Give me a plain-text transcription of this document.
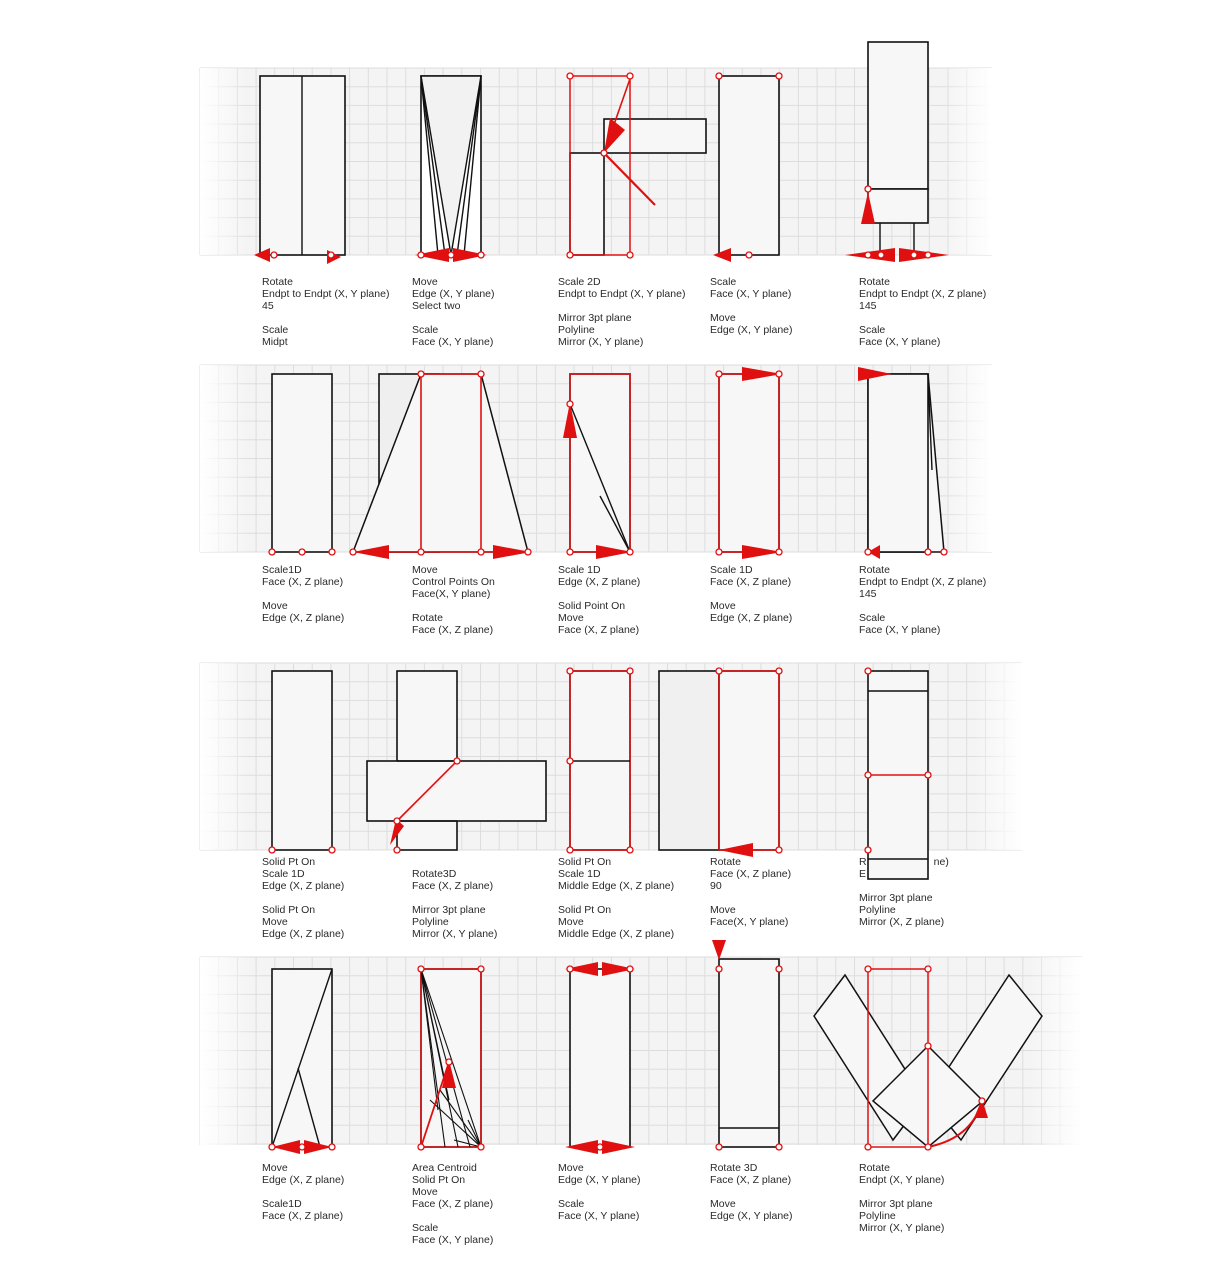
Rotate
Endpt to Endpt (X, Y plane)
45

Scale
Midpt
Move
Edge (X, Y plane)
Select two

Scale
Face (X, Y plane)
Scale 2D
Endpt to Endpt (X, Y plane)

Mirror 3pt plane
Polyline
Mirror (X, Y plane)
Scale
Face (X, Y plane)

Move
Edge (X, Y plane)
Rotate
Endpt to Endpt (X, Z plane)
145

Scale
Face (X, Y plane)
Scale1D
Face (X, Z plane)

Move
Edge (X, Z plane)
Move
Control Points On
Face(X, Y plane)

Rotate
Face (X, Z plane)
Scale 1D
Edge (X, Z plane)

Solid Point On
Move
Face (X, Z plane)
Scale 1D
Face (X, Z plane)

Move
Edge (X, Z plane)
Rotate
Endpt to Endpt (X, Z plane)
145

Scale
Face (X, Y plane)
Solid Pt On
Scale 1D
Edge (X, Z plane)

Solid Pt On
Move
Edge (X, Z plane)
Rotate3D
Face (X, Z plane)

Mirror 3pt plane
Polyline
Mirror (X, Y plane)
Solid Pt On
Scale 1D
Middle Edge (X, Z plane)

Solid Pt On
Move
Middle Edge (X, Z plane)
Rotate
Face (X, Z plane)
90

Move
Face(X, Y plane)
R                       ne)
E

Mirror 3pt plane
Polyline
Mirror (X, Z plane)
Move
Edge (X, Z plane)

Scale1D
Face (X, Z plane)
Area Centroid
Solid Pt On
Move
Face (X, Z plane)

Scale
Face (X, Y plane)
Move
Edge (X, Y plane)

Scale
Face (X, Y plane)
Rotate 3D
Face (X, Z plane)

Move
Edge (X, Y plane)
Rotate
Endpt (X, Y plane)

Mirror 3pt plane
Polyline
Mirror (X, Y plane)
